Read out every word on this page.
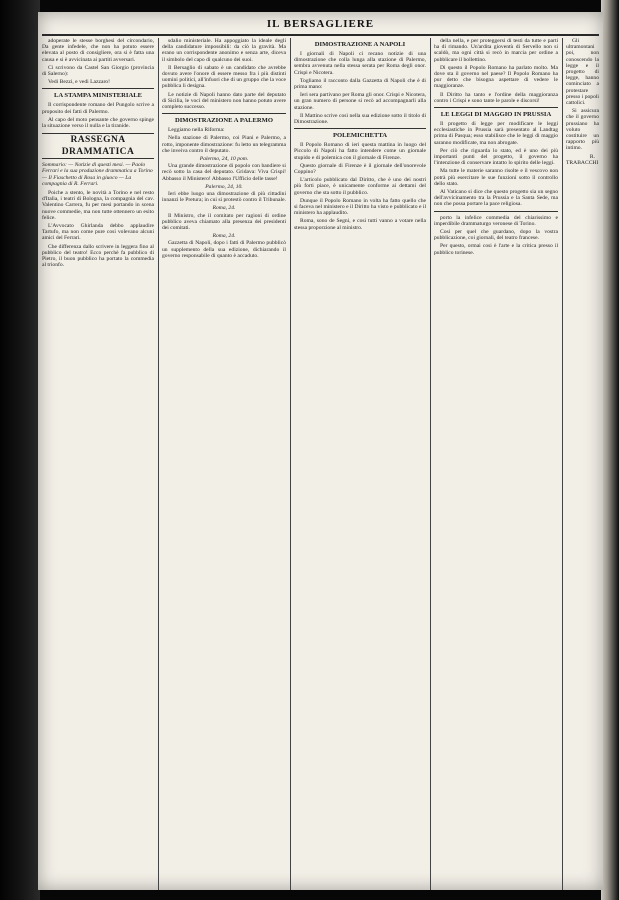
IL BERSAGLIERE

adoperate le stesse borghesi del circondario, Da gente infedele, che non ha potuto essere elevata al posto di consigliere, ora si è fatta una causa e si è avvicinata ai partiti avversari.

Ci scrivono da Castel San Giorgio (provincia di Salerno):

Vedi Bezzi, e vedi Lazzaro!

LA STAMPA MINISTERIALE

Il corrispondente romano del Pungolo scrive a proposito dei fatti di Palermo.

Al capo del moto pensante che governo spinge la situazione verso il nulla e la tiranide.

RASSEGNA DRAMMATICA

Sommario: — Notizie di questi mesi. — Paolo Ferrari e la sua produzione drammatica a Torino — Il Fiaschetto di Rosa in giuoco — La compagnia di R. Ferrari.

Poiche a stento, le novità a Torino e nel resto d'Italia, i teatri di Bologna, la compagnia del cav. Valentino Carrera, fu per mesi portando in scena nuove commedie, ma non tutte ottennero un esito felice.

L'Avvocato Ghirlanda debbo applaudire Tartufo, ma non come pure cosi volevano alcuni amici del Ferrari.

Che differenza dallo scrivere in leggera fino al pubblico del teatro! Ecco perchè fa pubblico di Pietro, il buon pubblico ha portato la commedia al trionfo.

sdalio ministeriale. Ha appoggiato la ideale degli della candidature impossibili: da ciò la gravità. Ma erano un corrispondente anonimo e senza arte, diceva il simbolo del capo di qualcuno dei suoi.

Il Bersaglio di sabato è un candidato che avrebbe dovuto avere l'onore di essere messo fra i più distinti uomini politici, all'infuori che di un gruppo che la voce pubblica li designa.

Le notizie di Napoli hanno dato parte del deputato di Sicilia, le voci del ministero non hanno potuto avere completo successo.

DIMOSTRAZIONE A PALERMO

Leggiamo nella Riforma:

Nella stazione di Palermo, coi Piani e Palermo, a rotto, imponente dimostrazione: fu letto un telegramma che inveiva contro il deputato.

Palermo, 24, 10 pom.

Una grande dimostrazione di popolo con bandiere si recò sotto la casa del deputato. Gridava: Viva Crispi! Abbasso il Ministero! Abbasso l'Ufficio delle tasse!

Palermo, 24, 10.

Ieri ebbe luogo una dimostrazione di più cittadini innanzi le Pretura; in cui si protestò contro il Tribunale.

Roma, 24.

Il Ministro, che il comitato per ragioni di ordine pubblico aveva chiamato alla presenza dei presidenti dei comitati.

Roma, 24.

Gazzetta di Napoli, dopo i fatti di Palermo pubblicò un supplemento della sua edizione, dichiarando il governo responsabile di quanto è accaduto.

DIMOSTRAZIONE A NAPOLI

I giornali di Napoli ci recano notizie di una dimostrazione che colla lunga alla stazione di Palermo, sembra avvenuta nella stessa serata per Roma degli onor. Crispi e Nicotera.

Togliamo il racconto dalla Gazzetta di Napoli che è di prima mano:

Ieri sera partivano per Roma gli onor. Crispi e Nicotera, un gran numero di persone si recò ad accompagnarli alla stazione.

Il Mattino scrive così nella sua edizione sotto il titolo di Dimostrazione.

POLEMICHETTA

Il Popolo Romano di ieri questa mattina in luogo del Piccolo di Napoli ha fatto intendere come un giornale stupido e di polemica con il giornale di Firenze.

Questo giornale di Firenze è il giornale dell'onorevole Coppino?

L'articolo pubblicato dal Diritto, che è uno dei nostri più forti piace, è unicamente conforme ai dettami del governo che sta sotto il pubblico.

Dunque il Popolo Romano in volta ha fatto quello che si faceva nel ministero e il Diritto ha visto e pubblicato e il ministero ha applaudito.

Roma, sono de Segni, e cosi tutti vanno a votare nella stessa proporzione al ministro.

della nella, e per proteggersi di testi da tutte e parti ha di rimando. Un'ardita gioventù di Servello non si scaldò, ma ogni città si recò in marcia per ordine a pubblicare il bollettino.

Di questo il Popolo Romano ha parlato molto. Ma dove sta il governo nel paese? Il Popolo Romano ha pur detto che bisogna aspettare di vedere le maggioranze.

Il Diritto ha tanto e l'ordine della maggioranza contro i Crispi e sono tante le parole e discorsi!

LE LEGGI DI MAGGIO IN PRUSSIA

Il progetto di legge per modificare le leggi ecclesiastiche in Prussia sarà presentato al Landtag prima di Pasqua; esso stabilisce che le leggi di maggio saranno modificate, ma non abrogate.

Per ciò che riguarda lo stato, ed è uno dei più importanti punti del progetto, il governo ha l'intenzione di conservare intatto lo spirito delle leggi.

Ma tutte le materie saranno risolte e il vescovo non potrà più esercitare le sue funzioni sotto il controllo dello stato.

Al Vaticano si dice che questo progetto sia un segno dell'avvicinamento tra la Prussia e la Santa Sede, ma non che possa portare la pace religiosa.

porto la infelice commedia del chiarissimo e imperdibile drammaturgo veronese di Torino.

Cosi per quel che guardano, dopo la vostra pubblicazione, coi giornali, del teatro francese.

Per questo, ormai cosi è l'arte e la critica presso il pubblico torinese.

Gli ultramontani poi, non conoscendo la legge e il progetto di legge, hanno cominciato a protestare presso i popoli cattolici.

Si assicura che il governo prussiano ha voluto costituire un rapporto più intimo.

R. TRABACCHI
